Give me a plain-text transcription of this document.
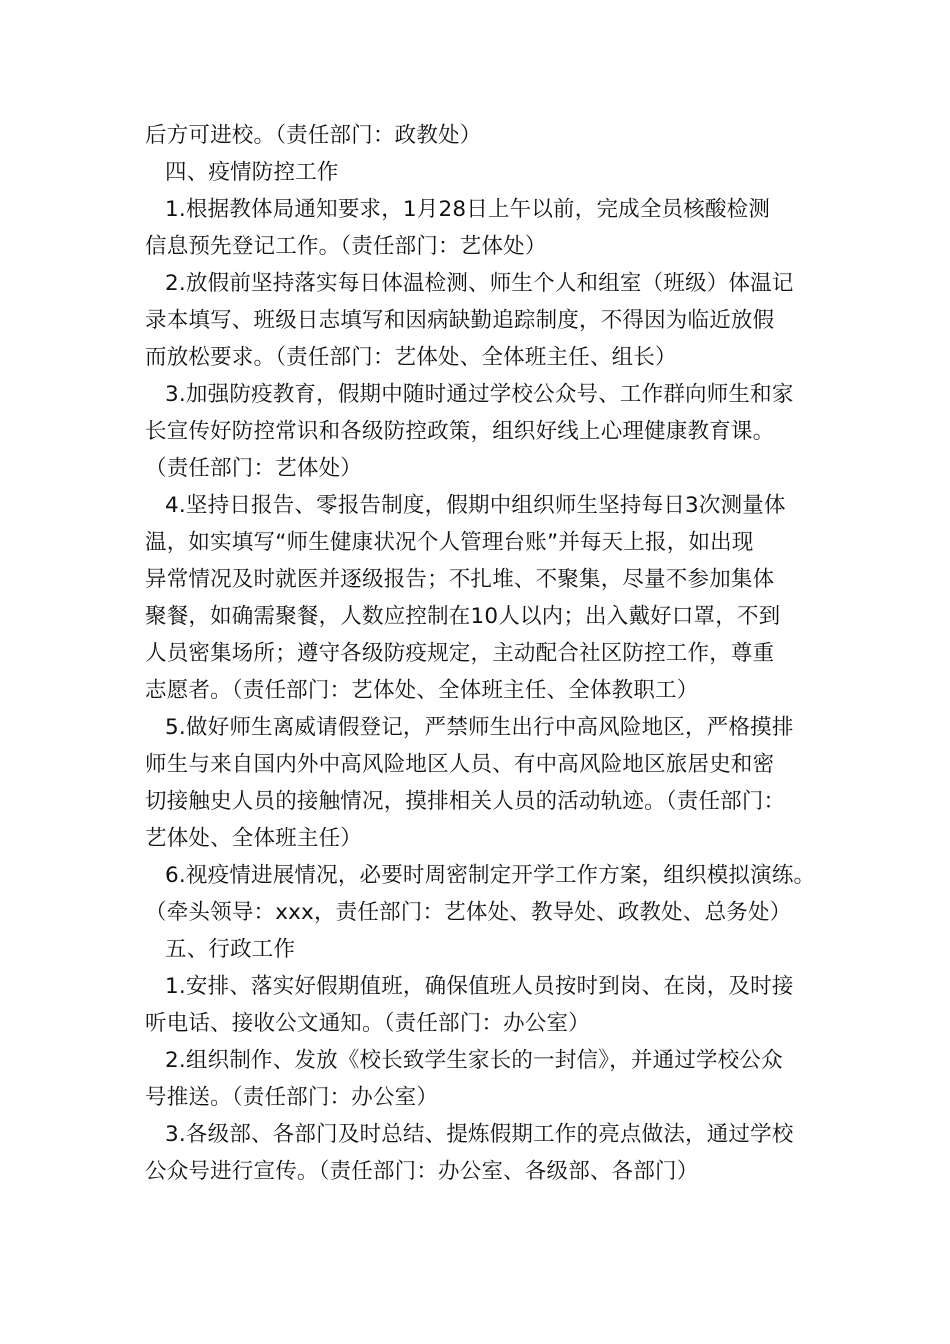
后方可进校。（责任部门：政教处）
四、疫情防控工作
1.根据教体局通知要求，1月28日上午以前，完成全员核酸检测
信息预先登记工作。（责任部门：艺体处）
2.放假前坚持落实每日体温检测、师生个人和组室（班级）体温记
录本填写、班级日志填写和因病缺勤追踪制度，不得因为临近放假
而放松要求。（责任部门：艺体处、全体班主任、组长）
3.加强防疫教育，假期中随时通过学校公众号、工作群向师生和家
长宣传好防控常识和各级防控政策，组织好线上心理健康教育课。
（责任部门：艺体处）
4.坚持日报告、零报告制度，假期中组织师生坚持每日3次测量体
温，如实填写“师生健康状况个人管理台账”并每天上报，如出现
异常情况及时就医并逐级报告；不扎堆、不聚集，尽量不参加集体
聚餐，如确需聚餐，人数应控制在10人以内；出入戴好口罩，不到
人员密集场所；遵守各级防疫规定，主动配合社区防控工作，尊重
志愿者。（责任部门：艺体处、全体班主任、全体教职工）
5.做好师生离威请假登记，严禁师生出行中高风险地区，严格摸排
师生与来自国内外中高风险地区人员、有中高风险地区旅居史和密
切接触史人员的接触情况，摸排相关人员的活动轨迹。（责任部门：
艺体处、全体班主任）
6.视疫情进展情况，必要时周密制定开学工作方案，组织模拟演练。
（牵头领导：xxx，责任部门：艺体处、教导处、政教处、总务处）
五、行政工作
1.安排、落实好假期值班，确保值班人员按时到岗、在岗，及时接
听电话、接收公文通知。（责任部门：办公室）
2.组织制作、发放《校长致学生家长的一封信》，并通过学校公众
号推送。（责任部门：办公室）
3.各级部、各部门及时总结、提炼假期工作的亮点做法，通过学校
公众号进行宣传。（责任部门：办公室、各级部、各部门）
